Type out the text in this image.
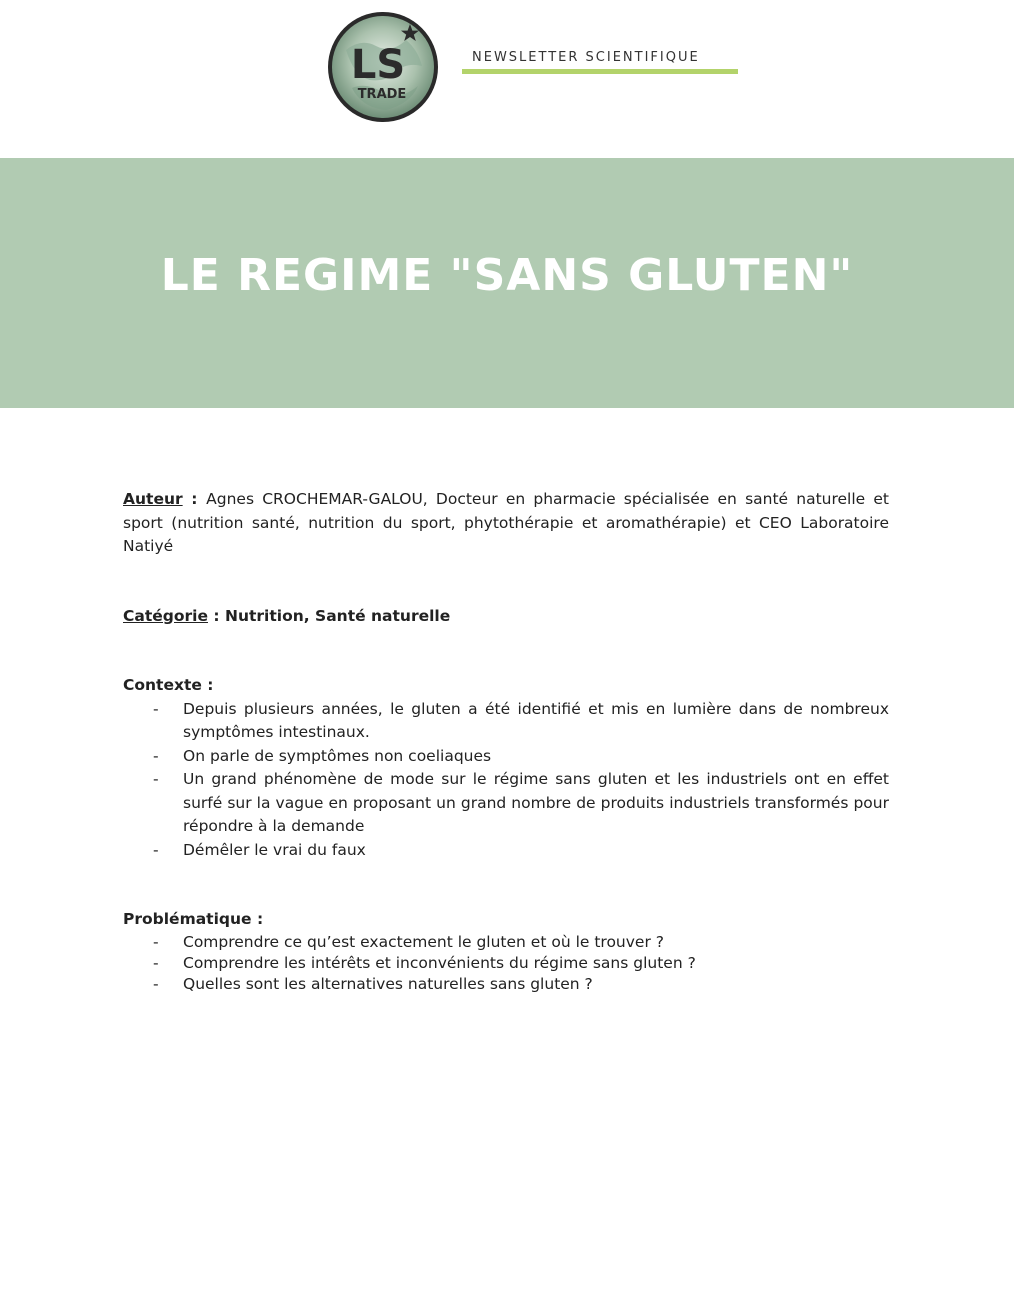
LS
TRADE
NEWSLETTER SCIENTIFIQUE
LE REGIME "SANS GLUTEN"

Auteur : Agnes CROCHEMAR-GALOU, Docteur en pharmacie spécialisée en santé naturelle et sport (nutrition santé, nutrition du sport, phytothérapie et aromathérapie) et CEO Laboratoire Natiyé

Catégorie : Nutrition, Santé naturelle

Contexte :
- Depuis plusieurs années, le gluten a été identifié et mis en lumière dans de nombreux symptômes intestinaux.
- On parle de symptômes non coeliaques
- Un grand phénomène de mode sur le régime sans gluten et les industriels ont en effet surfé sur la vague en proposant un grand nombre de produits industriels transformés pour répondre à la demande
- Démêler le vrai du faux
Problématique :
- Comprendre ce qu’est exactement le gluten et où le trouver ?
- Comprendre les intérêts et inconvénients du régime sans gluten ?
- Quelles sont les alternatives naturelles sans gluten ?
